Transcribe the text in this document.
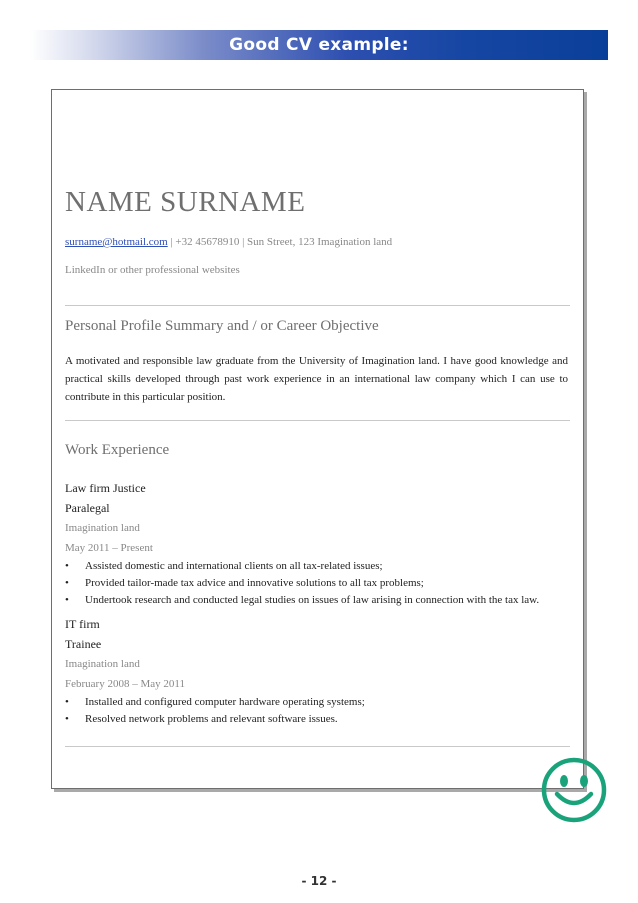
Good CV example:
NAME SURNAME
surname@hotmail.com | +32 45678910 | Sun Street, 123 Imagination land
LinkedIn or other professional websites
Personal Profile Summary and / or Career Objective
A motivated and responsible law graduate from the University of Imagination land. I have good knowledge and practical skills developed through past work experience in an international law company which I can use to contribute in this particular position.
Work Experience
Law firm Justice
Paralegal
Imagination land
May 2011 – Present
• Assisted domestic and international clients on all tax-related issues;
• Provided tailor-made tax advice and innovative solutions to all tax problems;
• Undertook research and conducted legal studies on issues of law arising in connection with the tax law.
IT firm
Trainee
Imagination land
February 2008 – May 2011
• Installed and configured computer hardware operating systems;
• Resolved network problems and relevant software issues.
- 12 -
